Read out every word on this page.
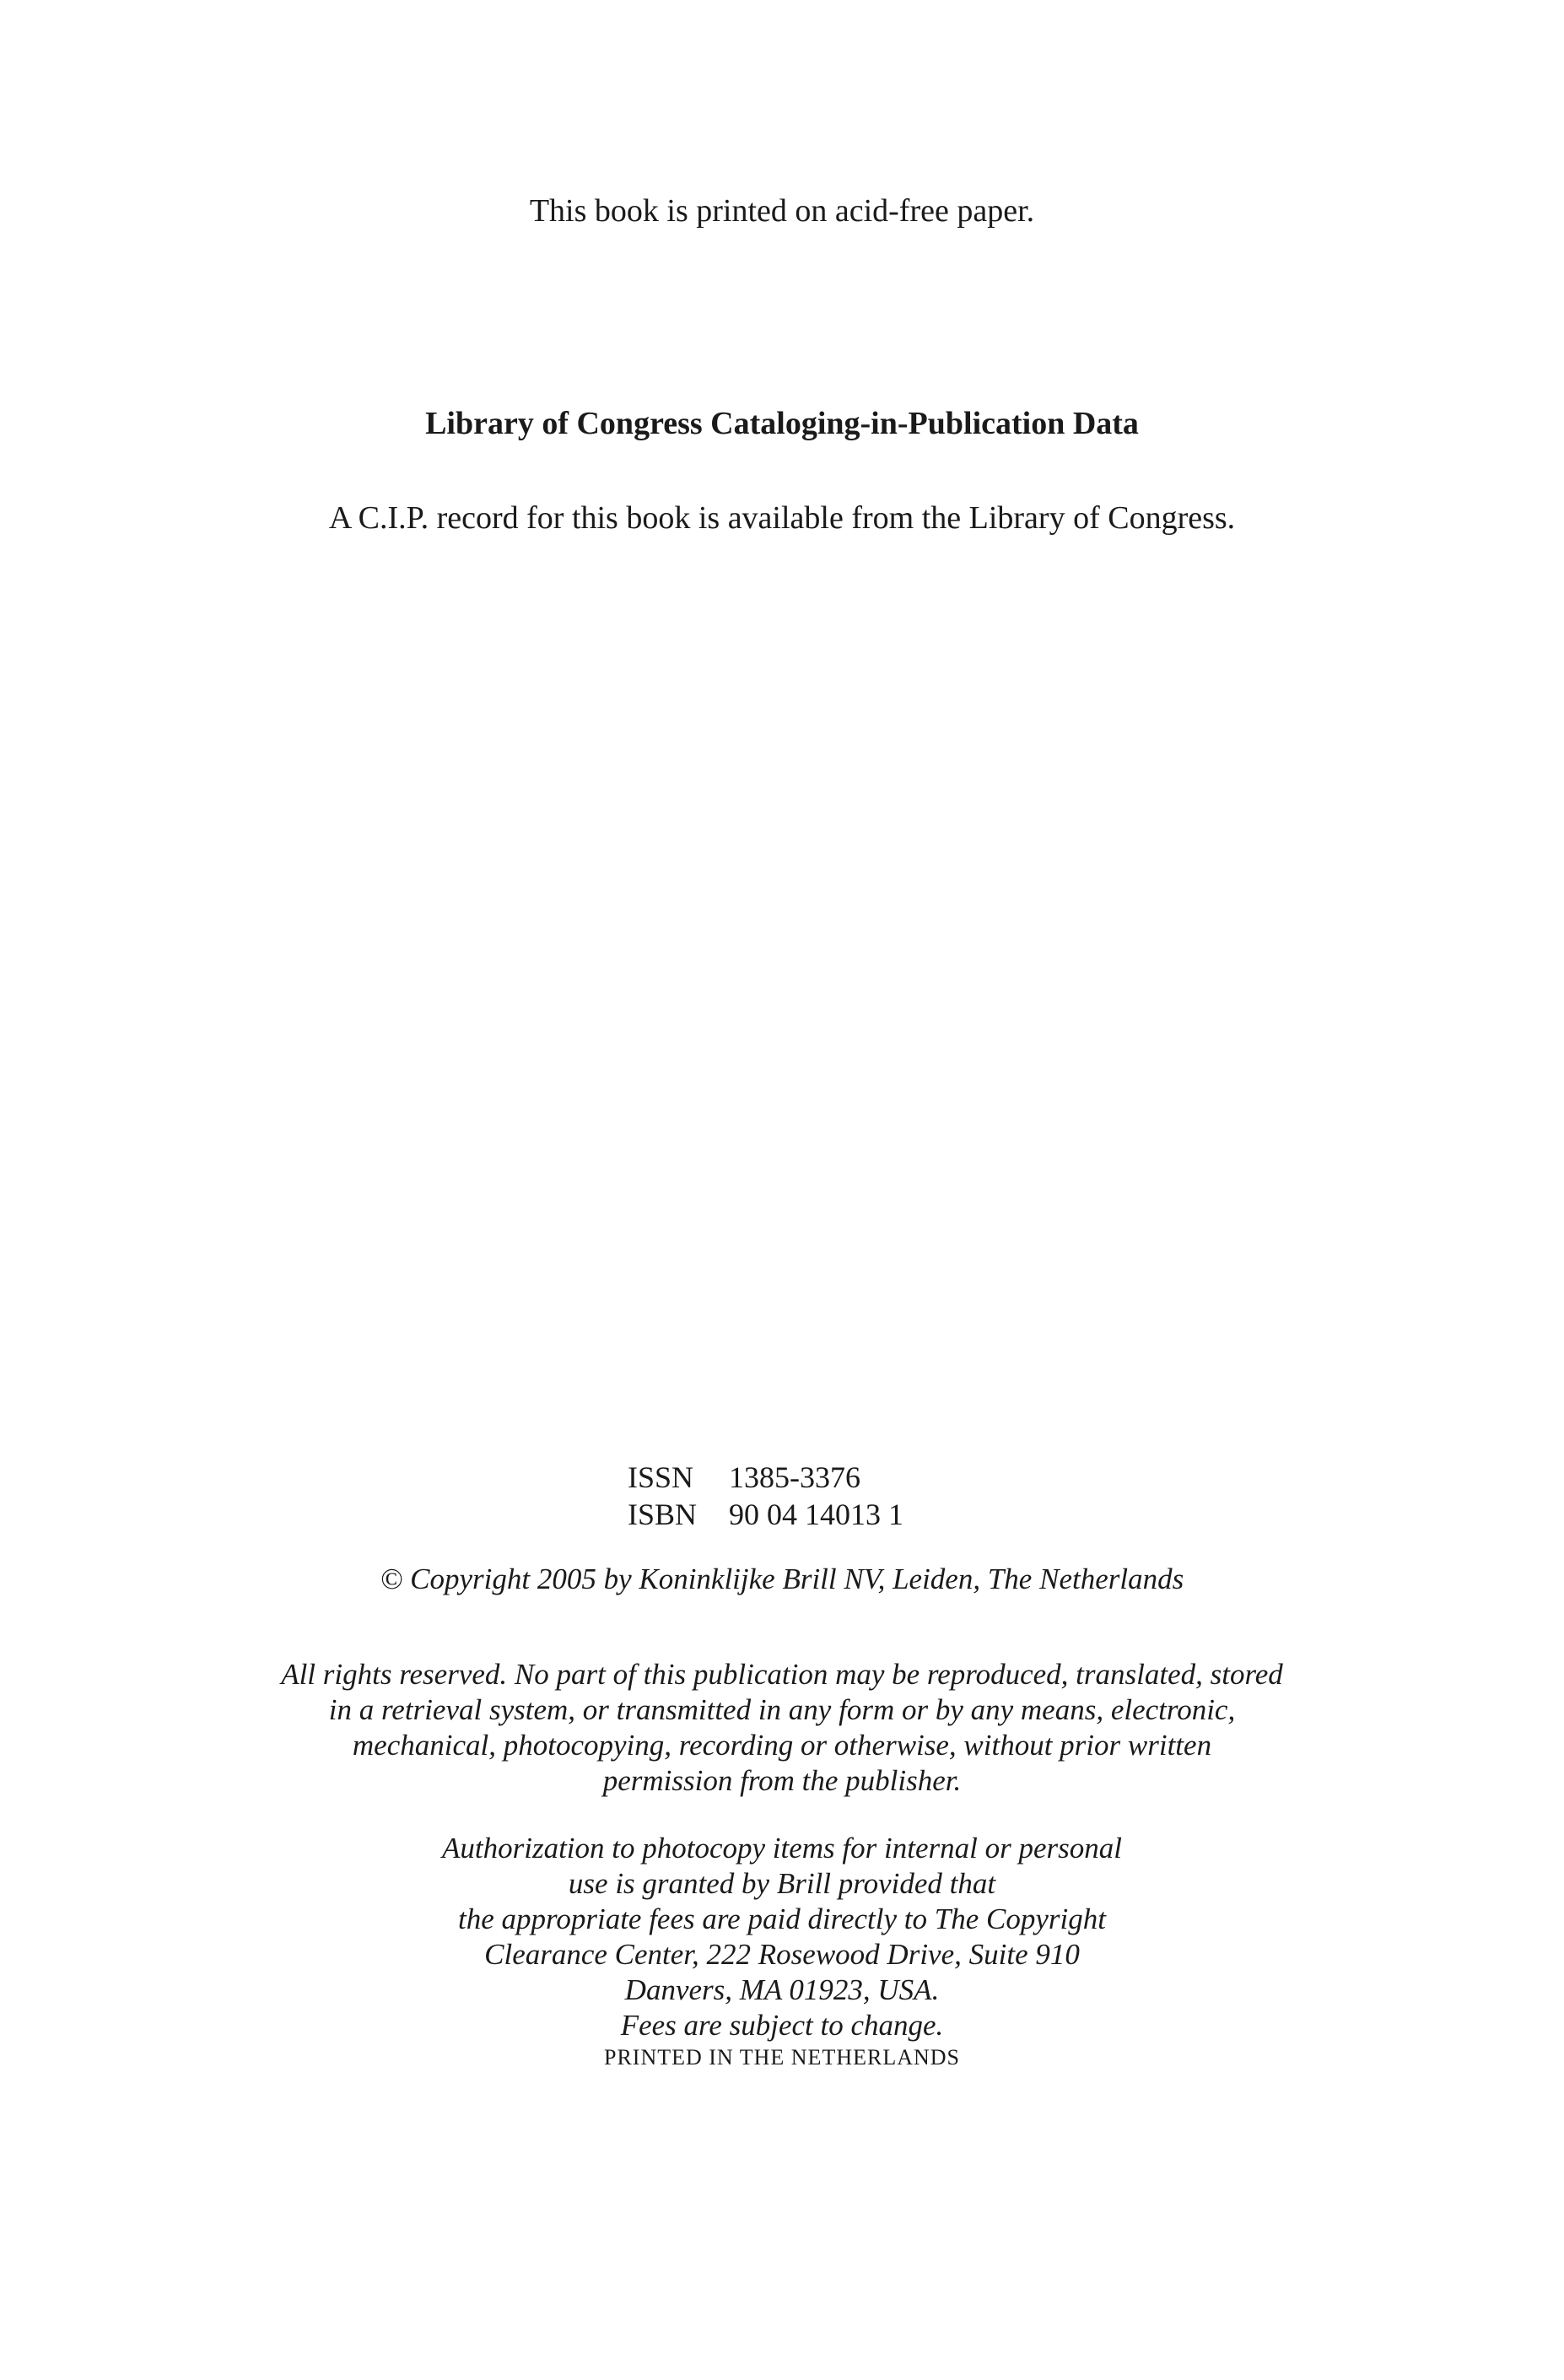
This book is printed on acid-free paper.

Library of Congress Cataloging-in-Publication Data

A C.I.P. record for this book is available from the Library of Congress.

ISSN	1385-3376
ISBN	90 04 14013 1

© Copyright 2005 by Koninklijke Brill NV, Leiden, The Netherlands

All rights reserved. No part of this publication may be reproduced, translated, stored
in a retrieval system, or transmitted in any form or by any means, electronic,
mechanical, photocopying, recording or otherwise, without prior written
permission from the publisher.
Authorization to photocopy items for internal or personal
use is granted by Brill provided that
the appropriate fees are paid directly to The Copyright
Clearance Center, 222 Rosewood Drive, Suite 910
Danvers, MA 01923, USA.
Fees are subject to change.

PRINTED IN THE NETHERLANDS
